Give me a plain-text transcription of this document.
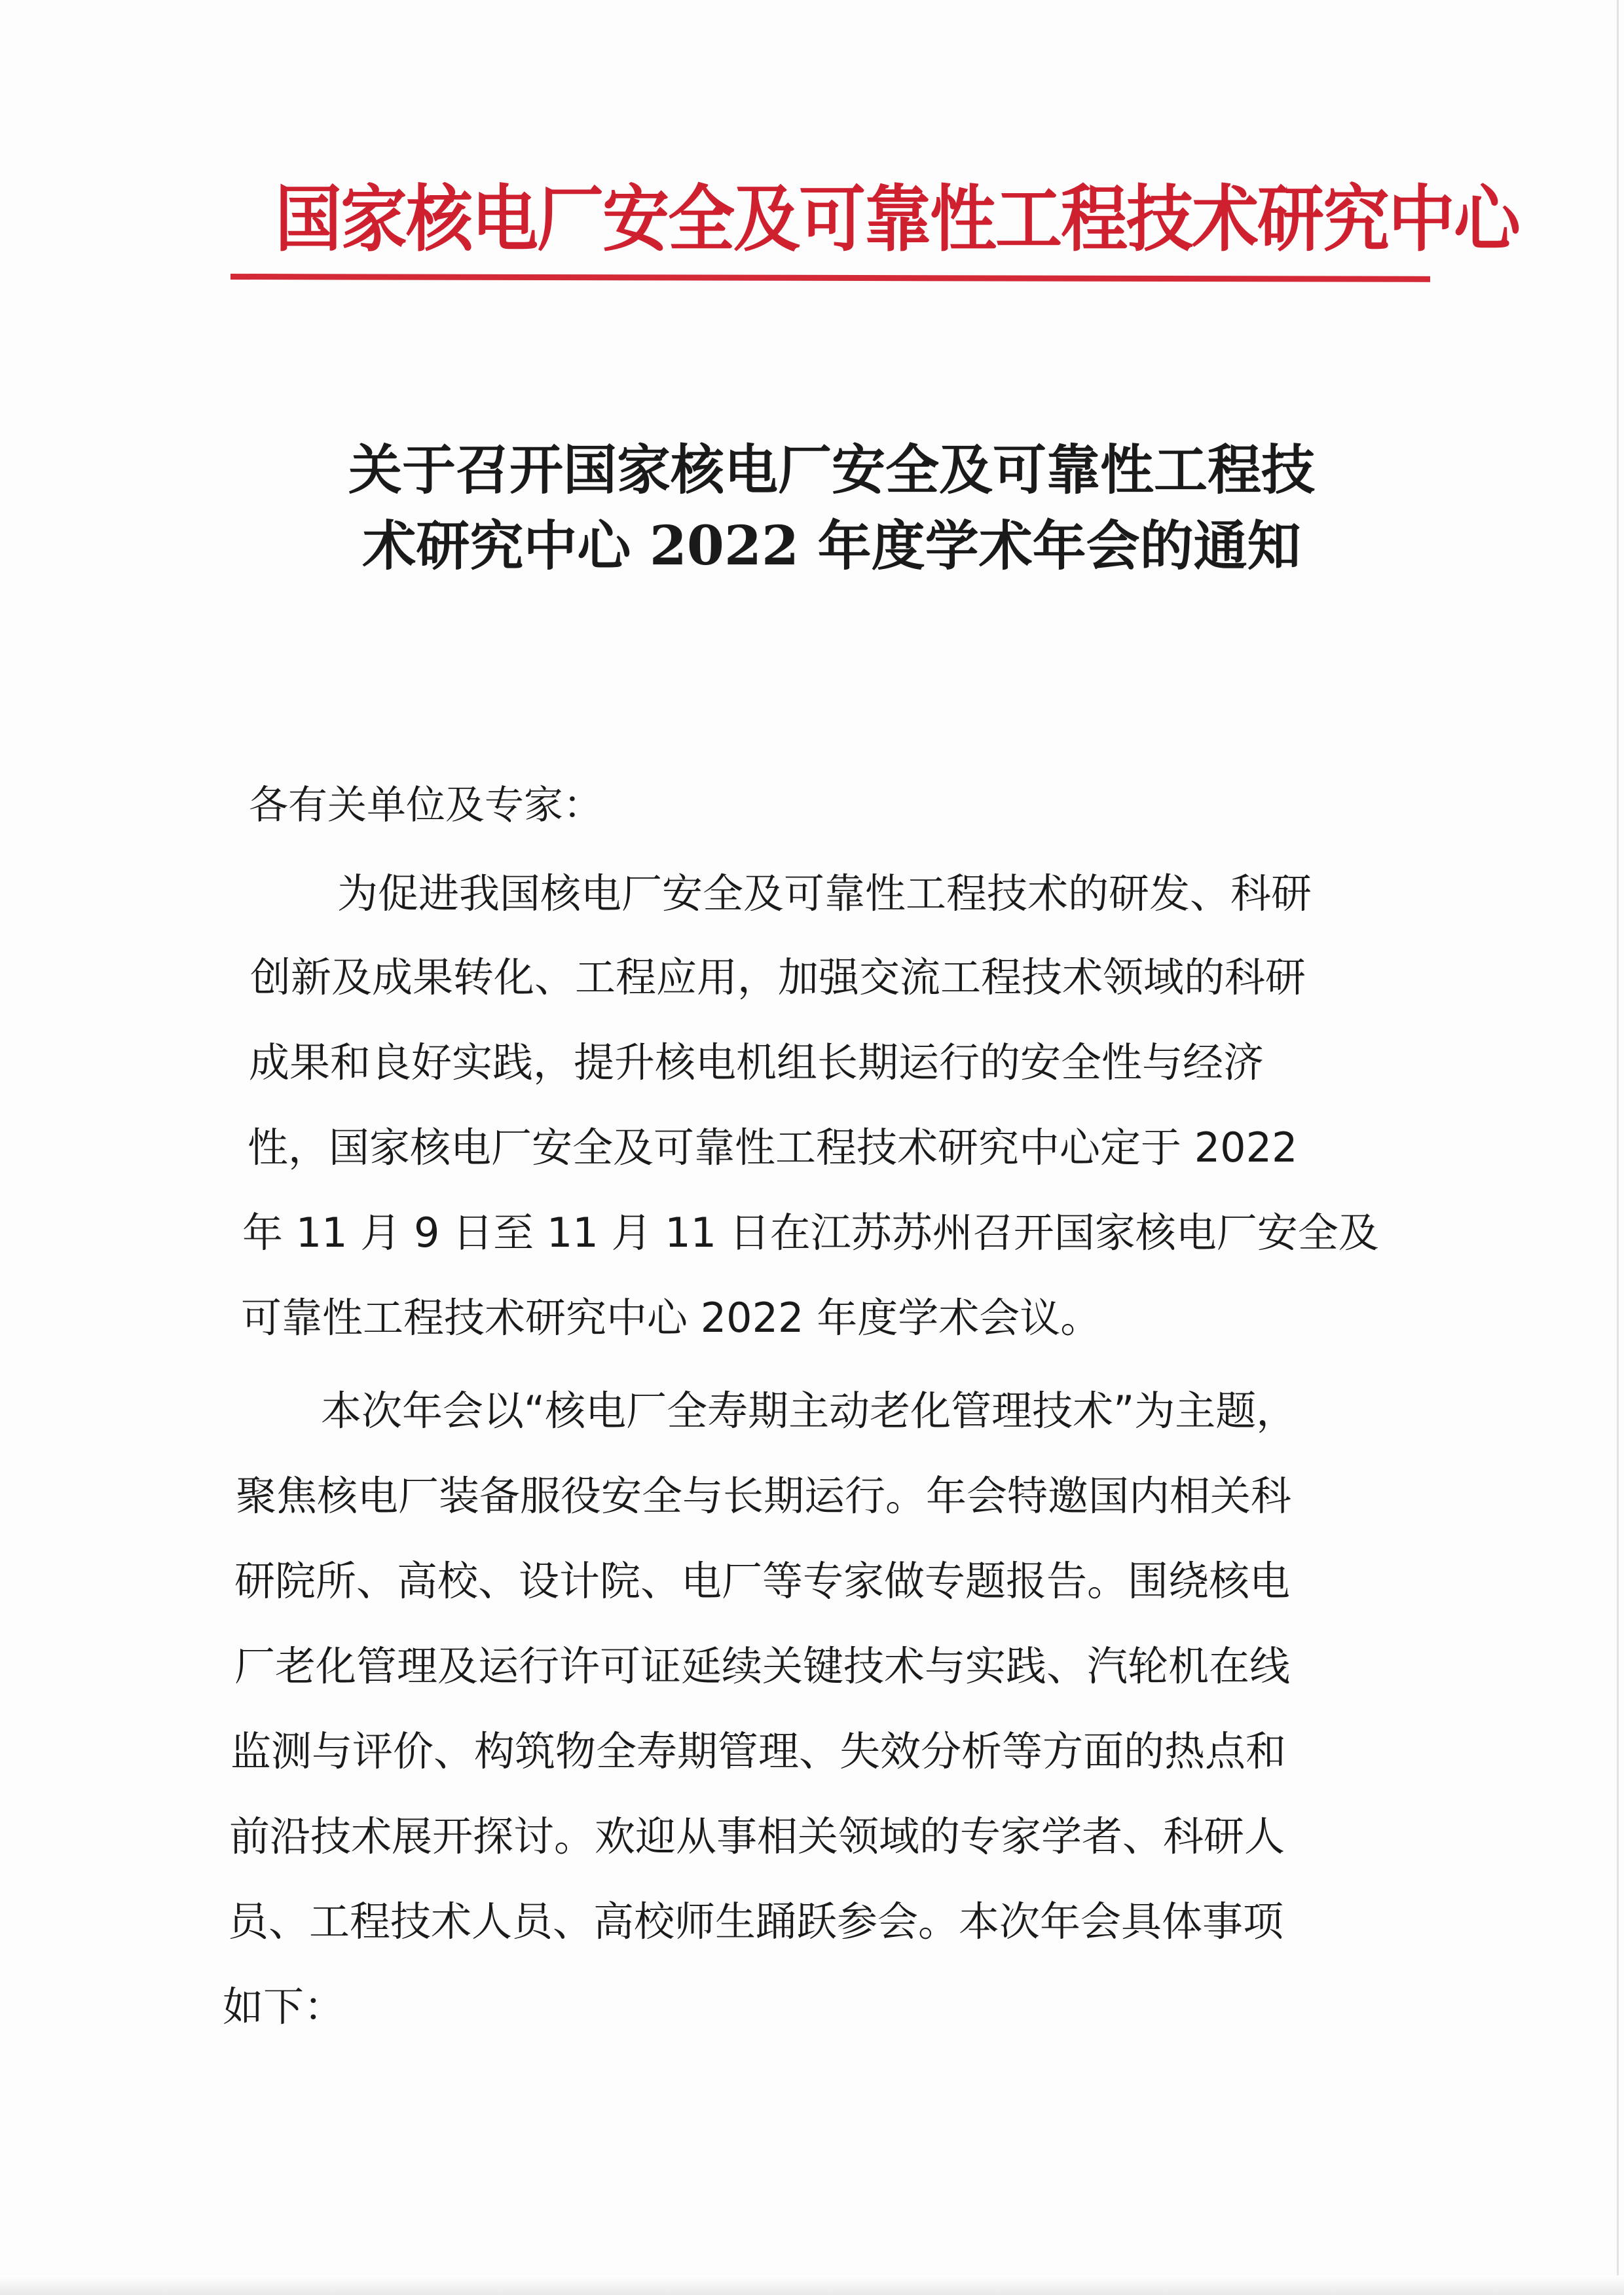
国家核电厂安全及可靠性工程技术研究中心
关于召开国家核电厂安全及可靠性工程技
术研究中心 2022 年度学术年会的通知
各有关单位及专家：
为促进我国核电厂安全及可靠性工程技术的研发、科研
创新及成果转化、工程应用，加强交流工程技术领域的科研
成果和良好实践，提升核电机组长期运行的安全性与经济
性，国家核电厂安全及可靠性工程技术研究中心定于 2022
年 11 月 9 日至 11 月 11 日在江苏苏州召开国家核电厂安全及
可靠性工程技术研究中心 2022 年度学术会议。
本次年会以“核电厂全寿期主动老化管理技术”为主题，
聚焦核电厂装备服役安全与长期运行。年会特邀国内相关科
研院所、高校、设计院、电厂等专家做专题报告。围绕核电
厂老化管理及运行许可证延续关键技术与实践、汽轮机在线
监测与评价、构筑物全寿期管理、失效分析等方面的热点和
前沿技术展开探讨。欢迎从事相关领域的专家学者、科研人
员、工程技术人员、高校师生踊跃参会。本次年会具体事项
如下：
